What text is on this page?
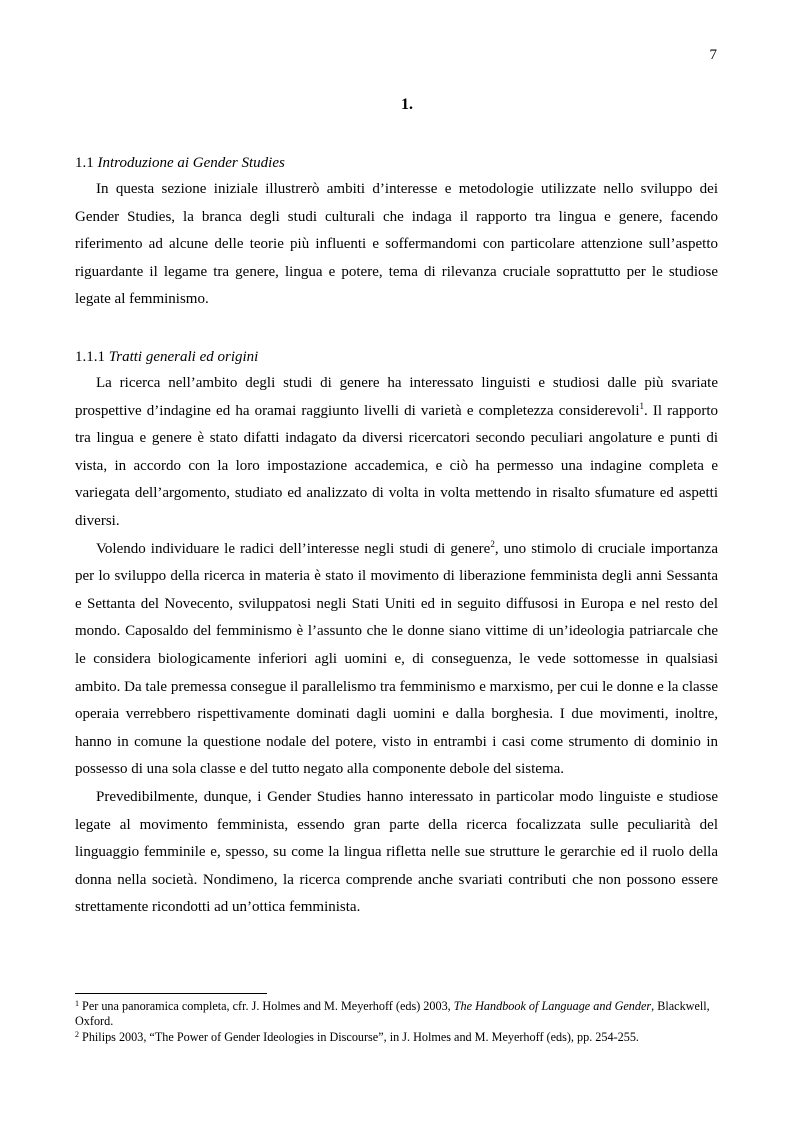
7
1.
1.1 Introduzione ai Gender Studies

In questa sezione iniziale illustrerò ambiti d’interesse e metodologie utilizzate nello sviluppo dei Gender Studies, la branca degli studi culturali che indaga il rapporto tra lingua e genere, facendo riferimento ad alcune delle teorie più influenti e soffermandomi con particolare attenzione sull’aspetto riguardante il legame tra genere, lingua e potere, tema di rilevanza cruciale soprattutto per le studiose legate al femminismo.

1.1.1 Tratti generali ed origini

La ricerca nell’ambito degli studi di genere ha interessato linguisti e studiosi dalle più svariate prospettive d’indagine ed ha oramai raggiunto livelli di varietà e completezza considerevoli$^1$. Il rapporto tra lingua e genere è stato difatti indagato da diversi ricercatori secondo peculiari angolature e punti di vista, in accordo con la loro impostazione accademica, e ciò ha permesso una indagine completa e variegata dell’argomento, studiato ed analizzato di volta in volta mettendo in risalto sfumature ed aspetti diversi.

Volendo individuare le radici dell’interesse negli studi di genere$^2$, uno stimolo di cruciale importanza per lo sviluppo della ricerca in materia è stato il movimento di liberazione femminista degli anni Sessanta e Settanta del Novecento, sviluppatosi negli Stati Uniti ed in seguito diffusosi in Europa e nel resto del mondo. Caposaldo del femminismo è l’assunto che le donne siano vittime di un’ideologia patriarcale che le considera biologicamente inferiori agli uomini e, di conseguenza, le vede sottomesse in qualsiasi ambito. Da tale premessa consegue il parallelismo tra femminismo e marxismo, per cui le donne e la classe operaia verrebbero rispettivamente dominati dagli uomini e dalla borghesia. I due movimenti, inoltre, hanno in comune la questione nodale del potere, visto in entrambi i casi come strumento di dominio in possesso di una sola classe e del tutto negato alla componente debole del sistema.

Prevedibilmente, dunque, i Gender Studies hanno interessato in particolar modo linguiste e studiose legate al movimento femminista, essendo gran parte della ricerca focalizzata sulle peculiarità del linguaggio femminile e, spesso, su come la lingua rifletta nelle sue strutture le gerarchie ed il ruolo della donna nella società. Nondimeno, la ricerca comprende anche svariati contributi che non possono essere strettamente ricondotti ad un’ottica femminista.

$^1$ Per una panoramica completa, cfr. J. Holmes and M. Meyerhoff (eds) 2003, The Handbook of Language and Gender, Blackwell, Oxford.
$^2$ Philips 2003, “The Power of Gender Ideologies in Discourse”, in J. Holmes and M. Meyerhoff (eds), pp. 254-255.
